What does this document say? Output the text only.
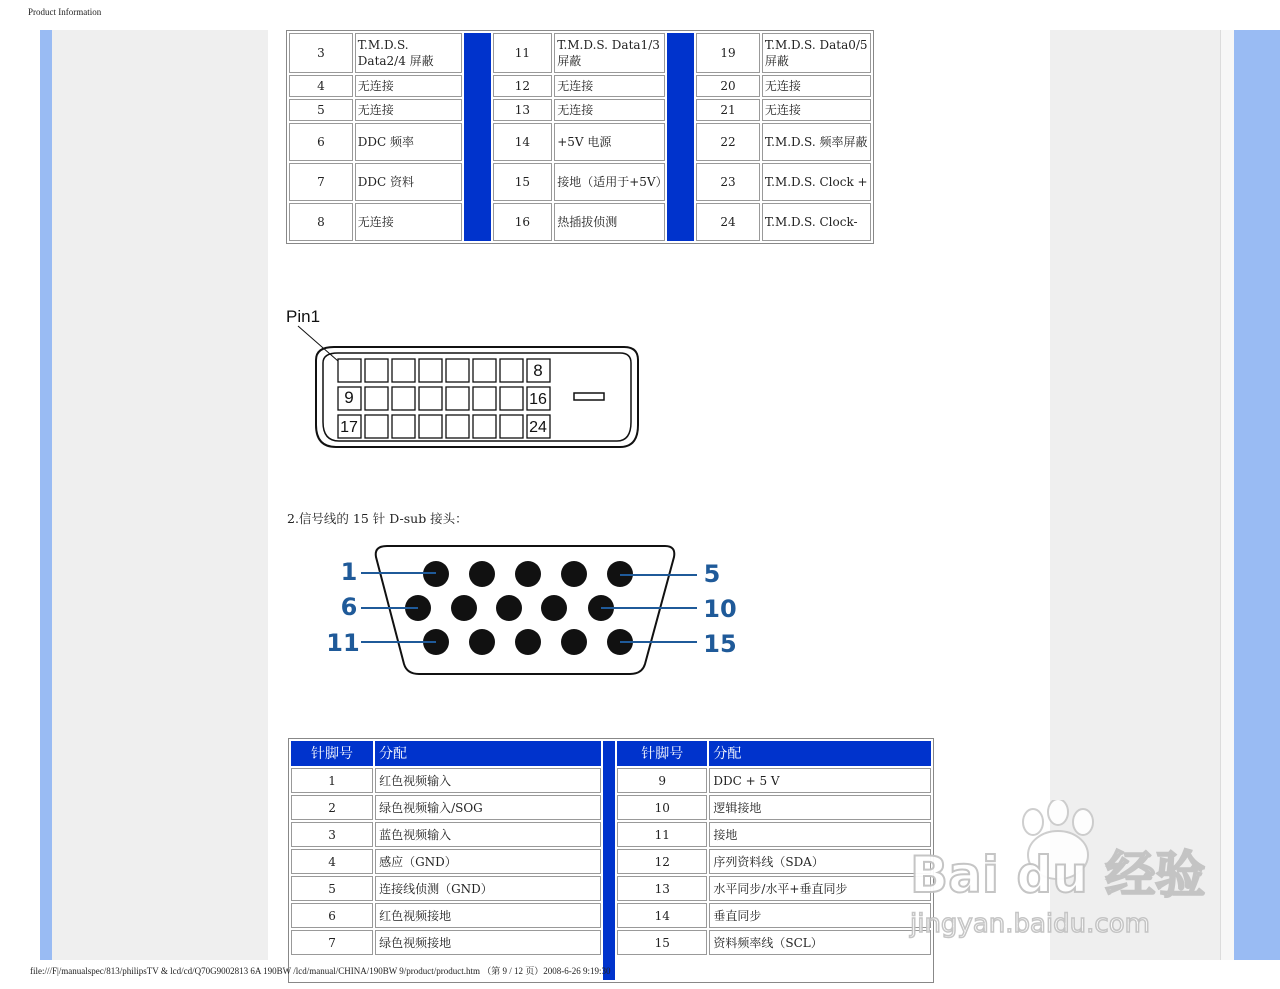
Product Information
3	T.M.D.S. Data2/4 屏蔽		11	T.M.D.S. Data1/3 屏蔽		19	T.M.D.S. Data0/5 屏蔽
4	无连接		12	无连接		20	无连接
5	无连接		13	无连接		21	无连接
6	DDC 频率		14	+5V 电源		22	T.M.D.S. 频率屏蔽
7	DDC 资料		15	接地（适用于+5V）		23	T.M.D.S. Clock +
8	无连接		16	热插拔侦测		24	T.M.D.S. Clock-
Pin1
9
17
8
16
24
2.信号线的 15 针 D-sub 接头：
1
6
11
5
10
15
针脚号	分配		针脚号	分配
1	红色视频输入		9	DDC + 5 V
2	绿色视频输入/SOG		10	逻辑接地
3	蓝色视频输入		11	接地
4	感应（GND）		12	序列资料线（SDA）
5	连接线侦测（GND）		13	水平同步/水平+垂直同步
6	红色视频接地		14	垂直同步
7	绿色视频接地		15	资料频率线（SCL）

Bai du 经验
jingyan.baidu.com
file:///F|/manualspec/813/philipsTV & lcd/cd/Q70G9002813 6A 190BW /lcd/manual/CHINA/190BW 9/product/product.htm （第 9 / 12 页）2008-6-26 9:19:30
